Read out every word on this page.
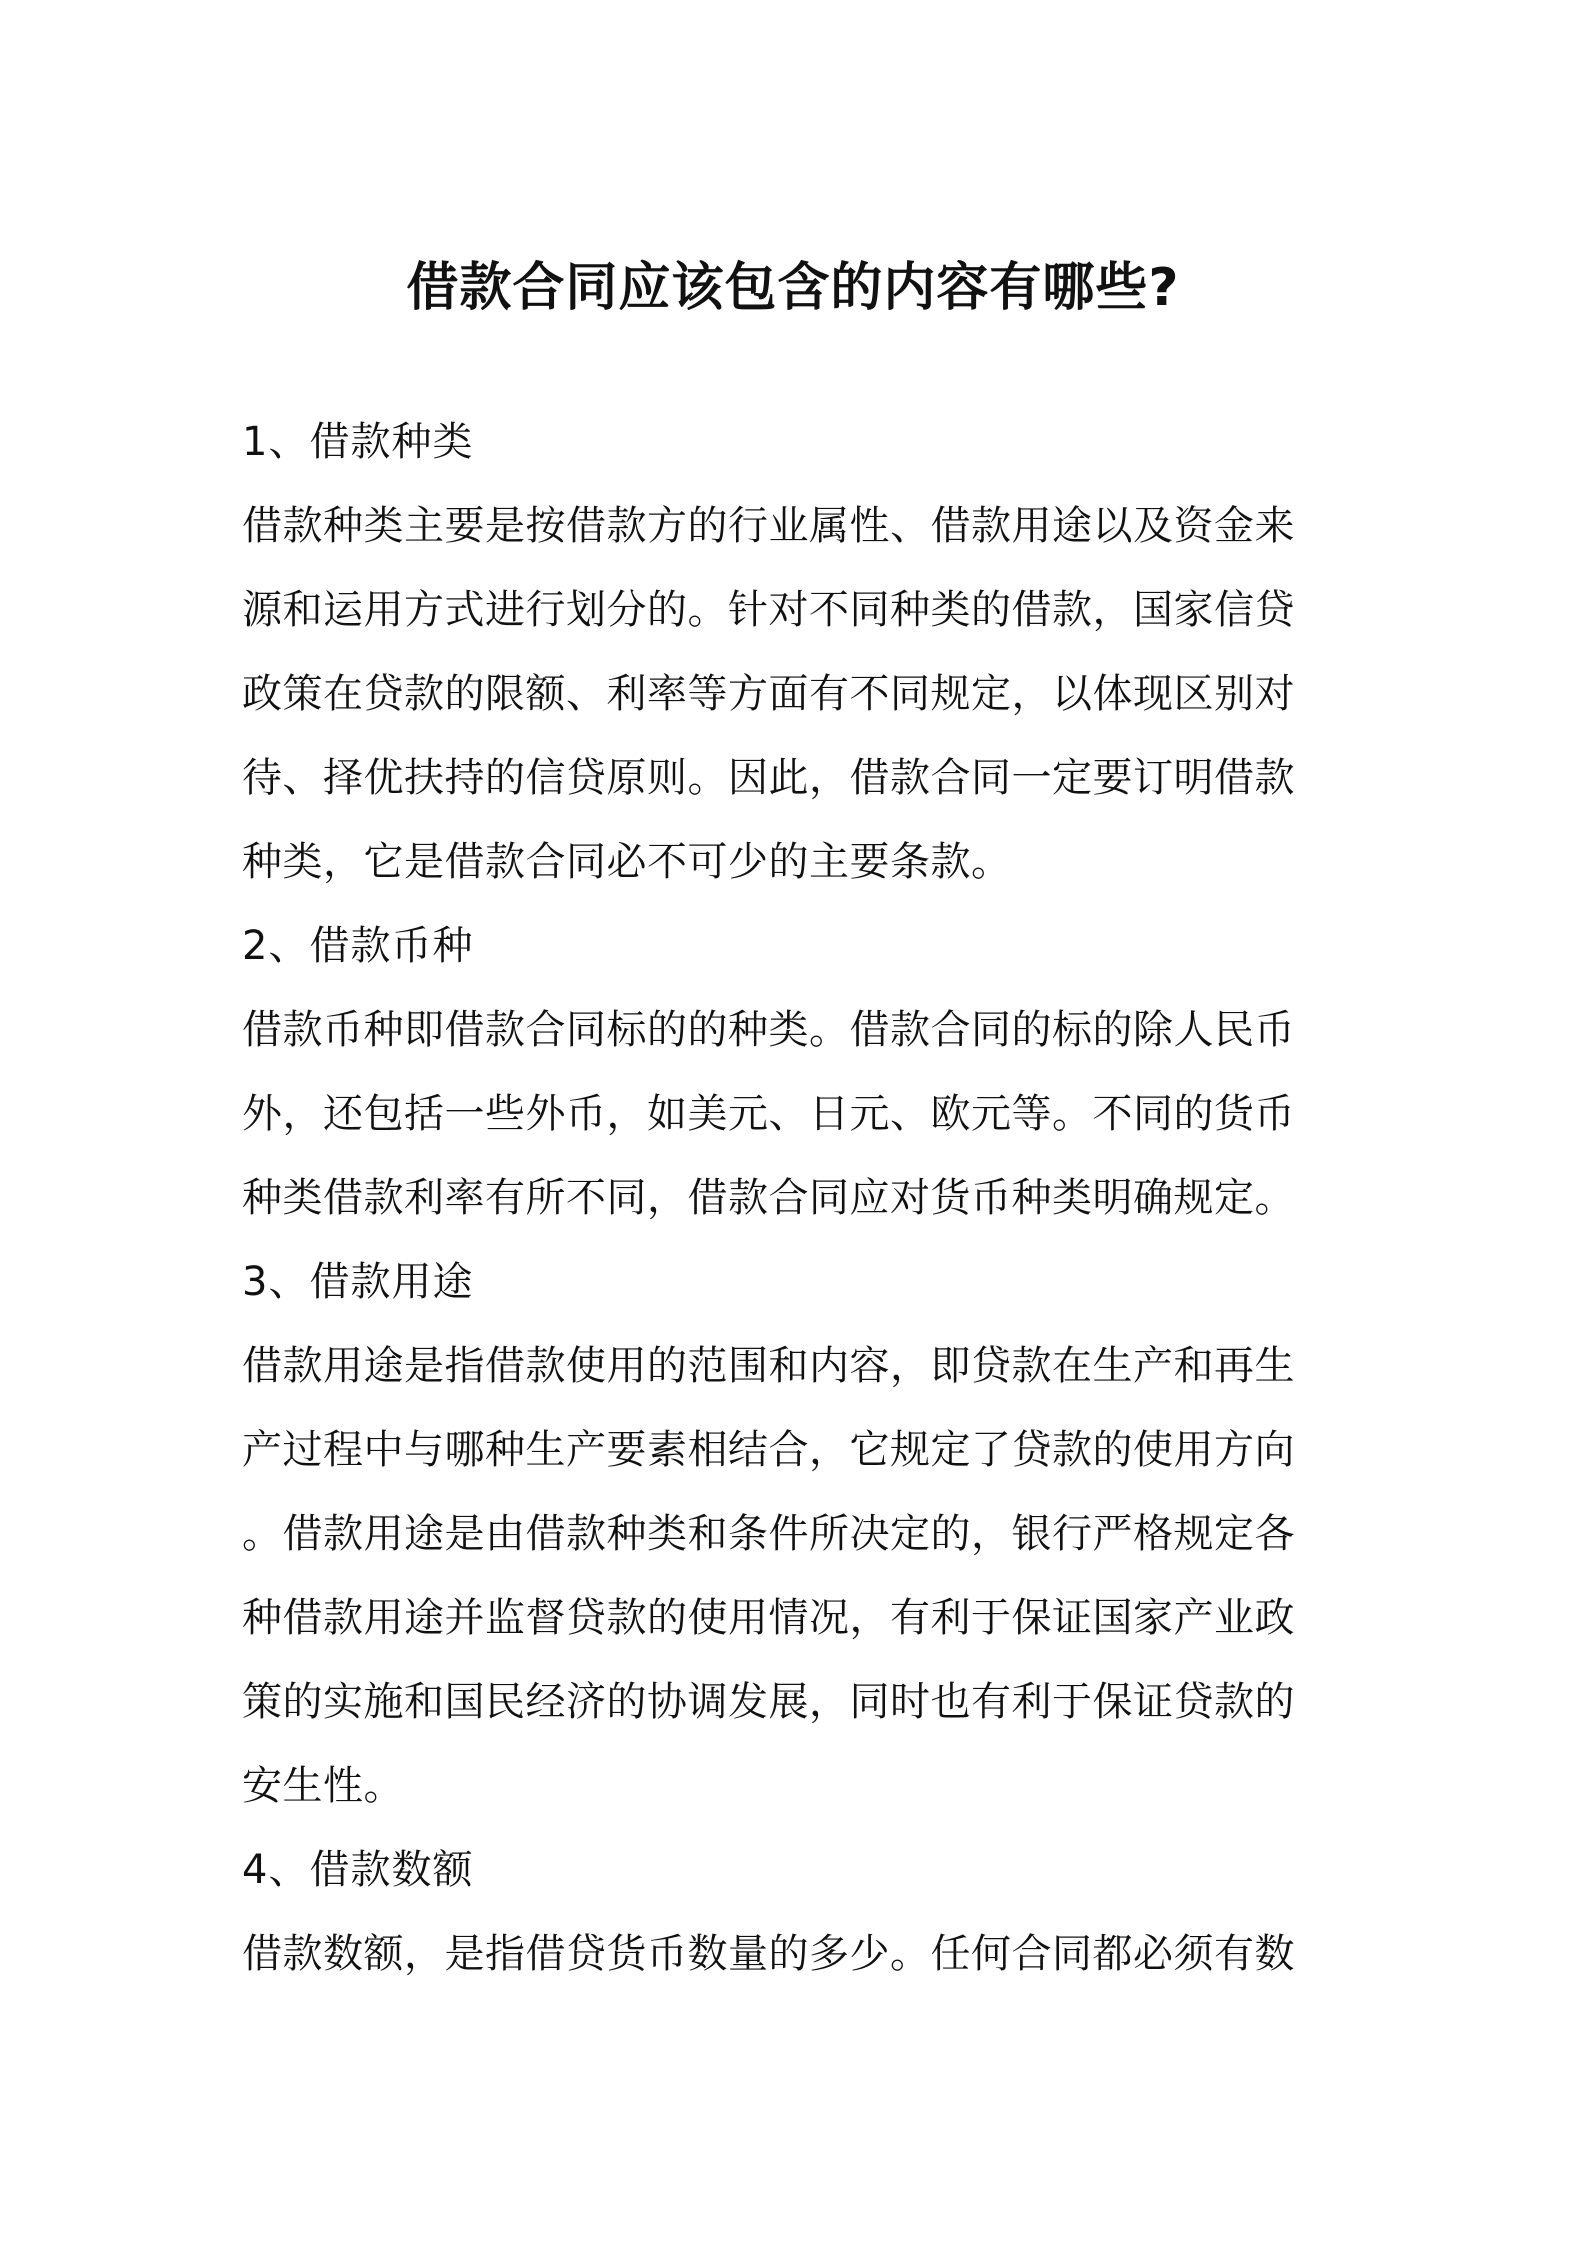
借款合同应该包含的内容有哪些?
1、借款种类
借款种类主要是按借款方的行业属性、借款用途以及资金来
源和运用方式进行划分的。针对不同种类的借款，国家信贷
政策在贷款的限额、利率等方面有不同规定，以体现区别对
待、择优扶持的信贷原则。因此，借款合同一定要订明借款
种类，它是借款合同必不可少的主要条款。
2、借款币种
借款币种即借款合同标的的种类。借款合同的标的除人民币
外，还包括一些外币，如美元、日元、欧元等。不同的货币
种类借款利率有所不同，借款合同应对货币种类明确规定。
3、借款用途
借款用途是指借款使用的范围和内容，即贷款在生产和再生
产过程中与哪种生产要素相结合，它规定了贷款的使用方向
。借款用途是由借款种类和条件所决定的，银行严格规定各
种借款用途并监督贷款的使用情况，有利于保证国家产业政
策的实施和国民经济的协调发展，同时也有利于保证贷款的
安生性。
4、借款数额
借款数额，是指借贷货币数量的多少。任何合同都必须有数
